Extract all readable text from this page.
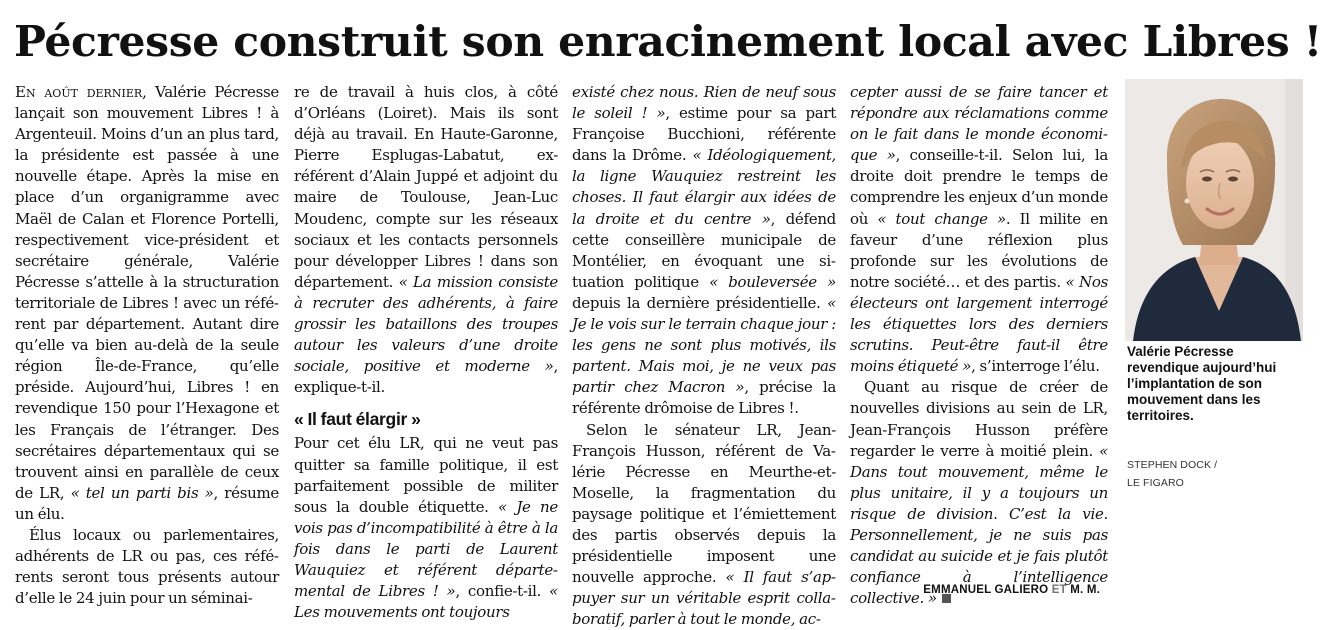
Pécresse construit son enracinement local avec Libres !

En août dernier, Valérie Pécresse lançait son mouvement Libres ! à Argenteuil. Moins d’un an plus tard, la présidente est passée à une nouvelle étape. Après la mise en place d’un organigramme avec Maël de Calan et Florence Portelli, respectivement vice-président et secrétaire générale, Valérie Pécresse s’attelle à la structuration territoriale de Libres ! avec un référent par département. Autant dire qu’elle va bien au-delà de la seule région Île-de-France, qu’elle préside. Aujourd’hui, Libres ! en revendique 150 pour l’Hexagone et les Français de l’étranger. Des secrétaires départementaux qui se trouvent ainsi en parallèle de ceux de LR, « tel un parti bis », résume un élu.

Élus locaux ou parlementaires, adhérents de LR ou pas, ces référents seront tous présents autour d’elle le 24 juin pour un séminai-

re de travail à huis clos, à côté d’Orléans (Loiret). Mais ils sont déjà au travail. En Haute-Garonne, Pierre Esplugas-Labatut, ex-référent d’Alain Juppé et adjoint du maire de Toulouse, Jean-Luc Moudenc, compte sur les réseaux sociaux et les contacts personnels pour développer Libres ! dans son département. « La mission consiste à recruter des adhérents, à faire grossir les bataillons des troupes autour les valeurs d’une droite sociale, positive et moderne », explique-t-il.

« Il faut élargir »

Pour cet élu LR, qui ne veut pas quitter sa famille politique, il est parfaitement possible de militer sous la double étiquette. « Je ne vois pas d’incompatibilité à être à la fois dans le parti de Laurent Wauquiez et référent départemental de Libres ! », confie-t-il. « Les mouvements ont toujours

existé chez nous. Rien de neuf sous le soleil ! », estime pour sa part Françoise Bucchioni, référente dans la Drôme. « Idéologiquement, la ligne Wauquiez restreint les choses. Il faut élargir aux idées de la droite et du centre », défend cette conseillère municipale de Montélier, en évoquant une situation politique « bouleversée » depuis la dernière présidentielle. « Je le vois sur le terrain chaque jour : les gens ne sont plus motivés, ils partent. Mais moi, je ne veux pas partir chez Macron », précise la référente drômoise de Libres !.

Selon le sénateur LR, Jean-François Husson, référent de Valérie Pécresse en Meurthe-et-Moselle, la fragmentation du paysage politique et l’émiettement des partis observés depuis la présidentielle imposent une nouvelle approche. « Il faut s’appuyer sur un véritable esprit collaboratif, parler à tout le monde, ac-

cepter aussi de se faire tancer et répondre aux réclamations comme on le fait dans le monde économique », conseille-t-il. Selon lui, la droite doit prendre le temps de comprendre les enjeux d’un monde où « tout change ». Il milite en faveur d’une réflexion plus profonde sur les évolutions de notre société… et des partis. « Nos électeurs ont largement interrogé les étiquettes lors des derniers scrutins. Peut-être faut-il être moins étiqueté », s’interroge l’élu.

Quant au risque de créer de nouvelles divisions au sein de LR, Jean-François Husson préfère regarder le verre à moitié plein. « Dans tout mouvement, même le plus unitaire, il y a toujours un risque de division. C’est la vie. Personnellement, je ne suis pas candidat au suicide et je fais plutôt confiance à l’intelligence collective. »

EMMANUEL GALIERO ET M. M.
Valérie Pécresse revendique aujourd’hui l’implantation de son mouvement dans les territoires.
STEPHEN DOCK /
LE FIGARO
